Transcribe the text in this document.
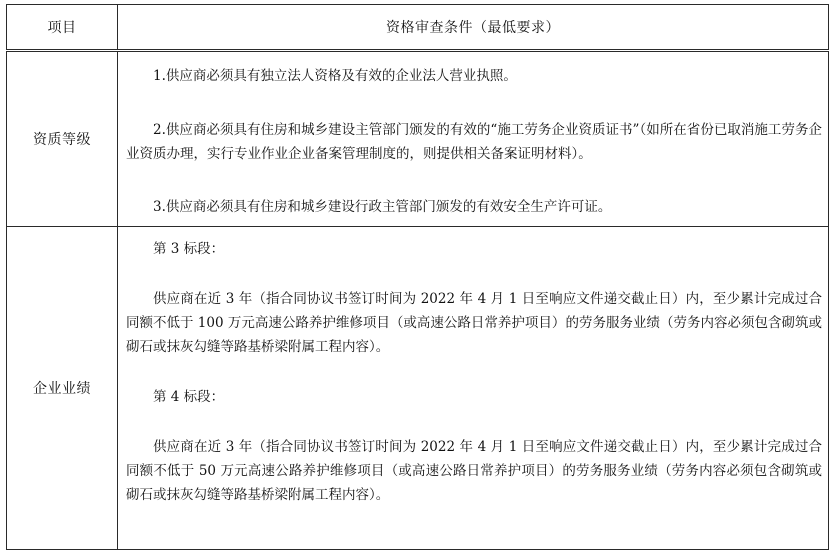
项目	资格审查条件（最低要求）
资质等级	1.供应商必须具有独立法人资格及有效的企业法人营业执照。

2.供应商必须具有住房和城乡建设主管部门颁发的有效的“施工劳务企业资质证书”（如所在省份已取消施工劳务企业资质办理，实行专业作业企业备案管理制度的，则提供相关备案证明材料）。

3.供应商必须具有住房和城乡建设行政主管部门颁发的有效安全生产许可证。

企业业绩	第 3 标段：

供应商在近 3 年（指合同协议书签订时间为 2022 年 4 月 1 日至响应文件递交截止日）内，至少累计完成过合同额不低于 100 万元高速公路养护维修项目（或高速公路日常养护项目）的劳务服务业绩（劳务内容必须包含砌筑或砌石或抹灰勾缝等路基桥梁附属工程内容）。

第 4 标段：

供应商在近 3 年（指合同协议书签订时间为 2022 年 4 月 1 日至响应文件递交截止日）内，至少累计完成过合同额不低于 50 万元高速公路养护维修项目（或高速公路日常养护项目）的劳务服务业绩（劳务内容必须包含砌筑或砌石或抹灰勾缝等路基桥梁附属工程内容）。
